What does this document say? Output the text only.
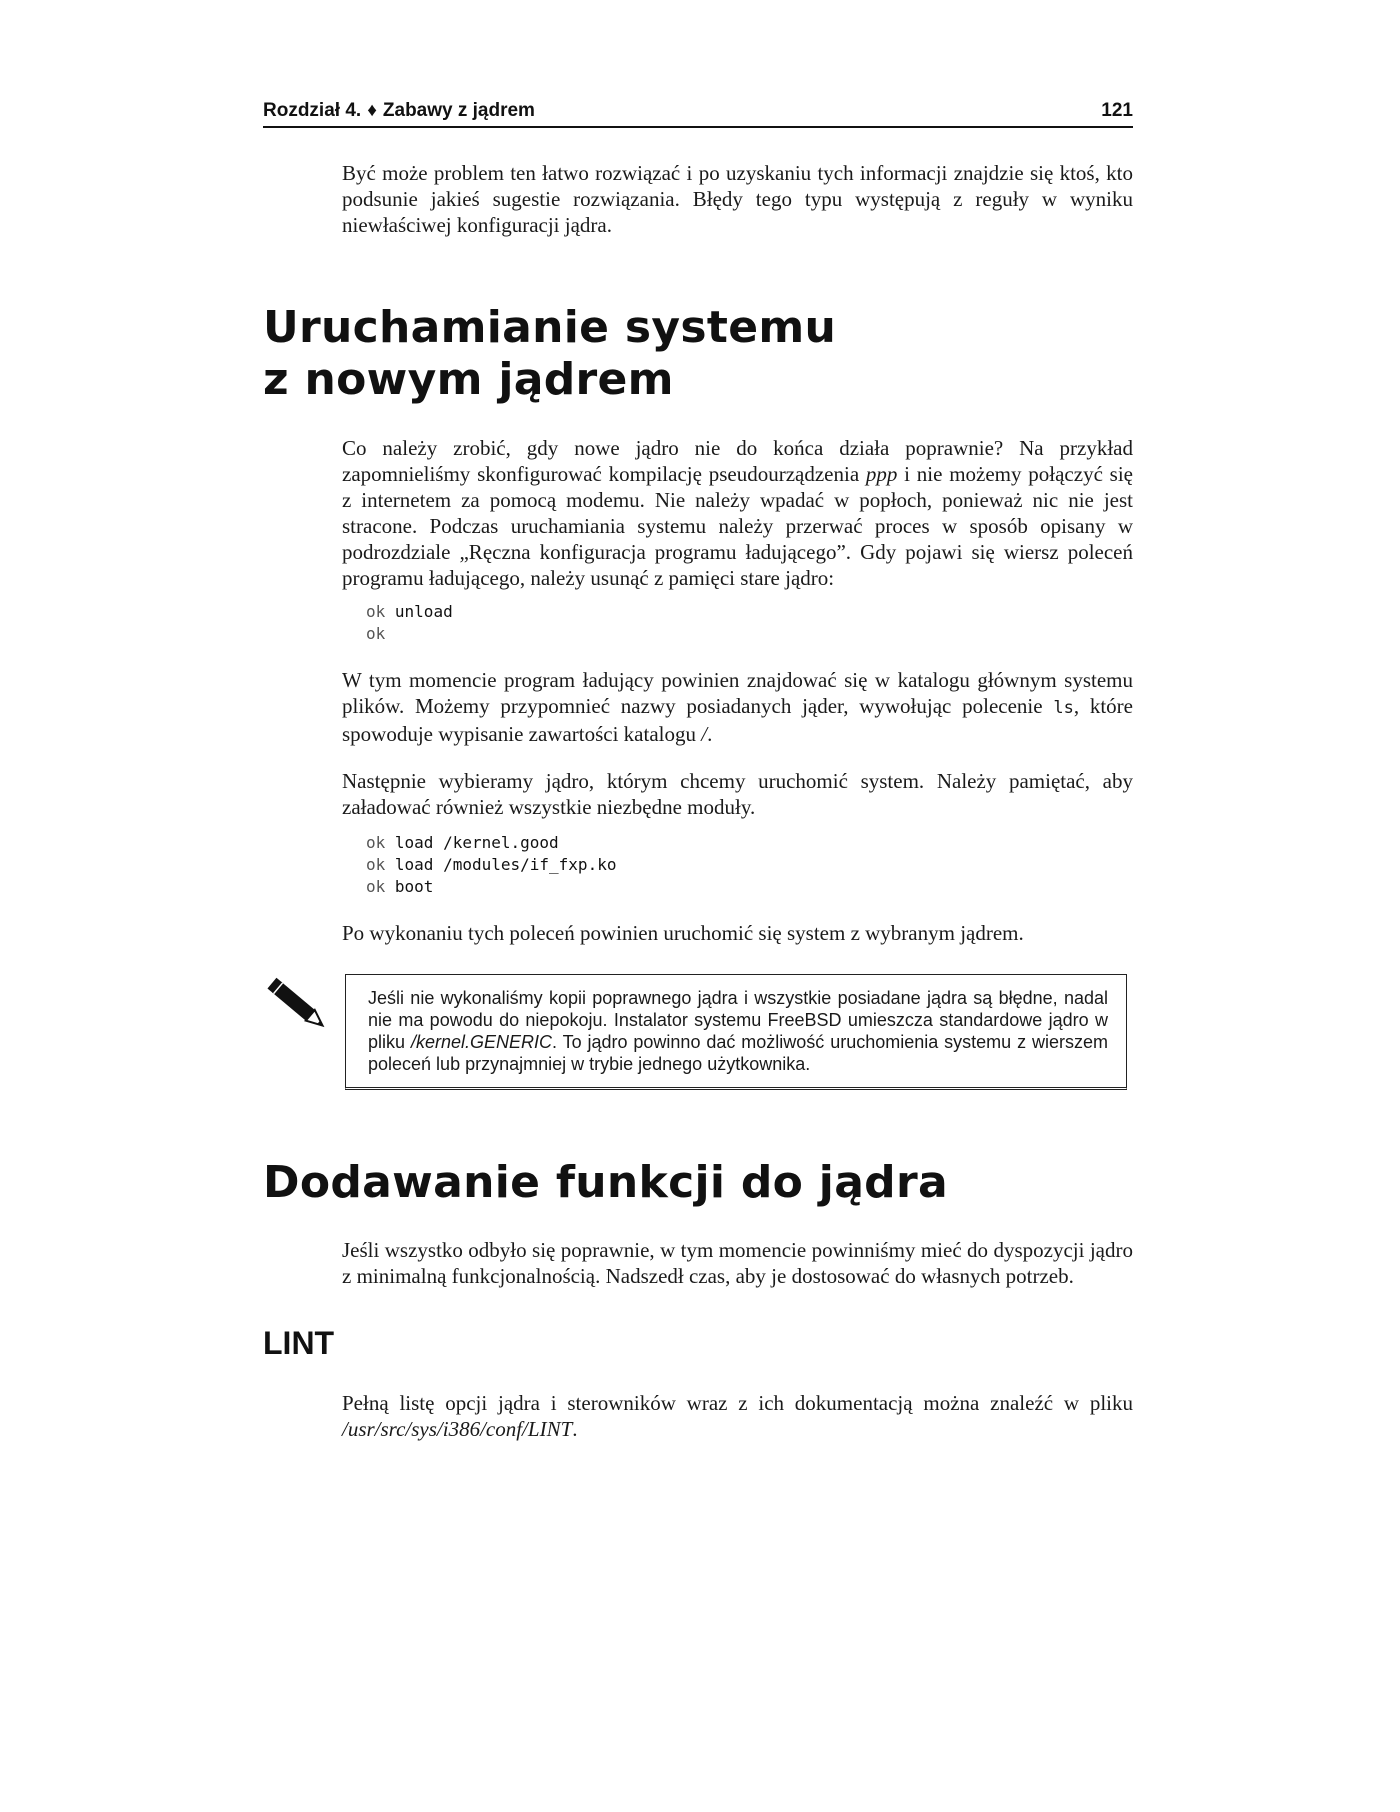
Rozdział 4. ♦ Zabawy z jądrem	121

Być może problem ten łatwo rozwiązać i po uzyskaniu tych informacji znajdzie się ktoś, kto podsunie jakieś sugestie rozwiązania. Błędy tego typu występują z reguły w wyniku niewłaściwej konfiguracji jądra.

Uruchamianie systemu
z nowym jądrem

Co należy zrobić, gdy nowe jądro nie do końca działa poprawnie? Na przykład zapomnieliśmy skonfigurować kompilację pseudourządzenia ppp i nie możemy połączyć się z internetem za pomocą modemu. Nie należy wpadać w popłoch, ponieważ nic nie jest stracone. Podczas uruchamiania systemu należy przerwać proces w sposób opisany w podrozdziale „Ręczna konfiguracja programu ładującego”. Gdy pojawi się wiersz poleceń programu ładującego, należy usunąć z pamięci stare jądro:

ok unload
ok

W tym momencie program ładujący powinien znajdować się w katalogu głównym systemu plików. Możemy przypomnieć nazwy posiadanych jąder, wywołując polecenie ls, które spowoduje wypisanie zawartości katalogu /.

Następnie wybieramy jądro, którym chcemy uruchomić system. Należy pamiętać, aby załadować również wszystkie niezbędne moduły.

ok load /kernel.good
ok load /modules/if_fxp.ko
ok boot

Po wykonaniu tych poleceń powinien uruchomić się system z wybranym jądrem.

Jeśli nie wykonaliśmy kopii poprawnego jądra i wszystkie posiadane jądra są błędne, nadal nie ma powodu do niepokoju. Instalator systemu FreeBSD umieszcza standardowe jądro w pliku /kernel.GENERIC. To jądro powinno dać możliwość uruchomienia systemu z wierszem poleceń lub przynajmniej w trybie jednego użytkownika.

Dodawanie funkcji do jądra

Jeśli wszystko odbyło się poprawnie, w tym momencie powinniśmy mieć do dyspozycji jądro z minimalną funkcjonalnością. Nadszedł czas, aby je dostosować do własnych potrzeb.

LINT

Pełną listę opcji jądra i sterowników wraz z ich dokumentacją można znaleźć w pliku /usr/src/sys/i386/conf/LINT.
